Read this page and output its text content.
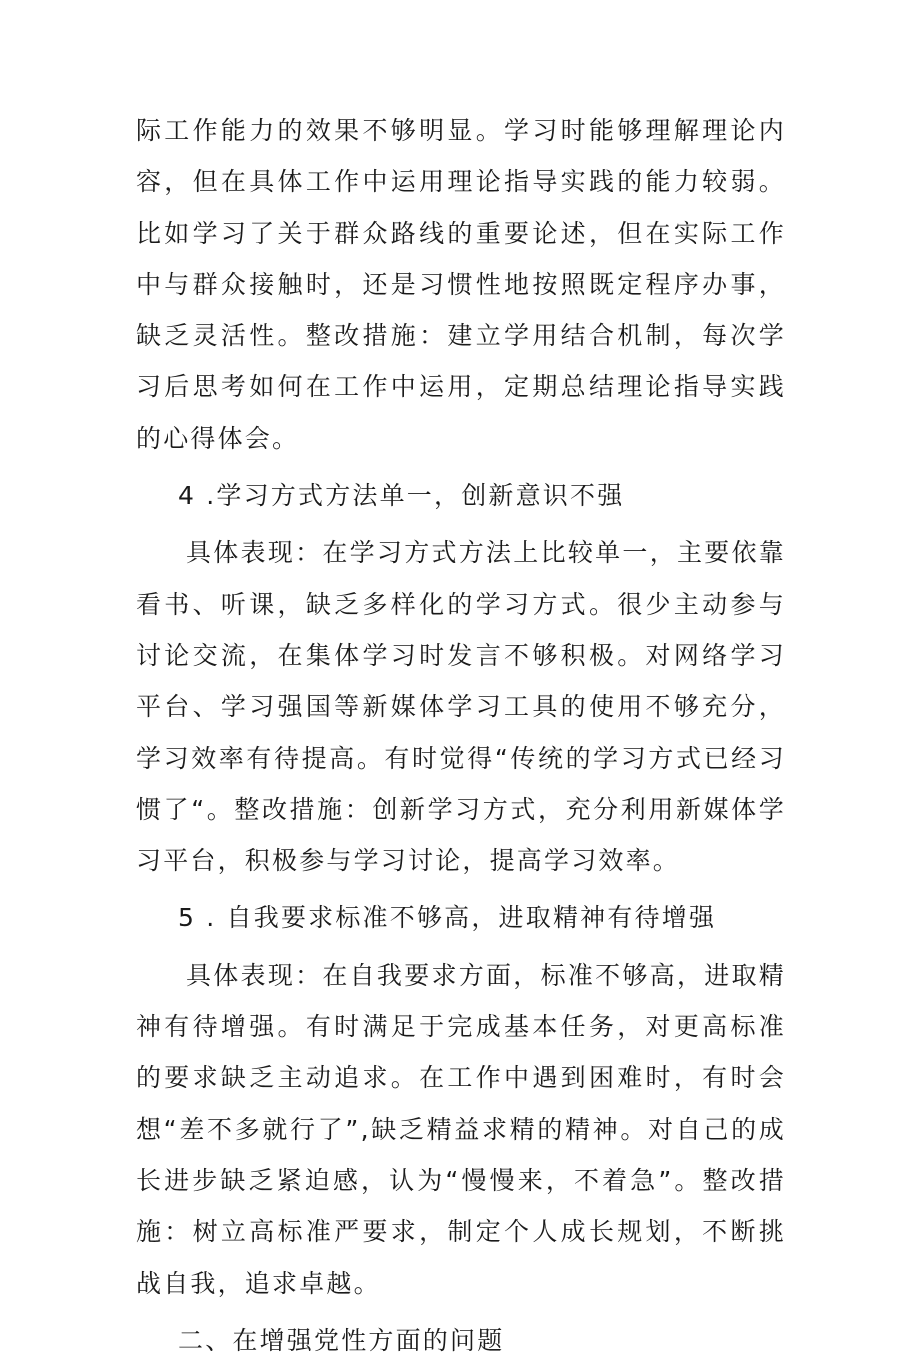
际工作能力的效果不够明显。学习时能够理解理论内容，但在具体工作中运用理论指导实践的能力较弱。比如学习了关于群众路线的重要论述，但在实际工作中与群众接触时，还是习惯性地按照既定程序办事，缺乏灵活性。整改措施：建立学用结合机制，每次学习后思考如何在工作中运用，定期总结理论指导实践的心得体会。

4 .学习方式方法单一，创新意识不强

具体表现：在学习方式方法上比较单一，主要依靠看书、听课，缺乏多样化的学习方式。很少主动参与讨论交流，在集体学习时发言不够积极。对网络学习平台、学习强国等新媒体学习工具的使用不够充分，学习效率有待提高。有时觉得“传统的学习方式已经习惯了“。整改措施：创新学习方式，充分利用新媒体学习平台，积极参与学习讨论，提高学习效率。

5 . 自我要求标准不够高，进取精神有待增强

具体表现：在自我要求方面，标准不够高，进取精神有待增强。有时满足于完成基本任务，对更高标准的要求缺乏主动追求。在工作中遇到困难时，有时会想“差不多就行了”,缺乏精益求精的精神。对自己的成长进步缺乏紧迫感，认为“慢慢来，不着急”。整改措施：树立高标准严要求，制定个人成长规划，不断挑战自我，追求卓越。

二、在增强党性方面的问题
